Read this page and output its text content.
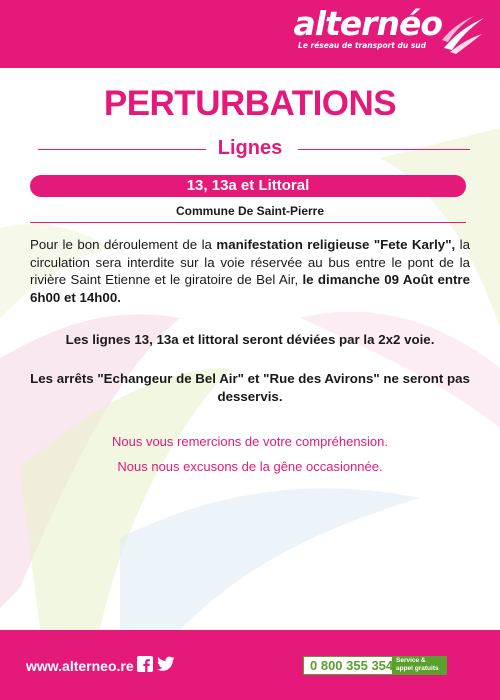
alternéo
Le réseau de transport du sud
PERTURBATIONS
Lignes
13, 13a et Littoral
Commune De Saint-Pierre
Pour le bon déroulement de la manifestation religieuse "Fete Karly", la circulation sera interdite sur la voie réservée au bus entre le pont de la rivière Saint Etienne et le giratoire de Bel Air, le dimanche 09 Août entre 6h00 et 14h00.
Les lignes 13, 13a et littoral seront déviées par la 2x2 voie.
Les arrêts "Echangeur de Bel Air" et "Rue des Avirons" ne seront pas desservis.
Nous vous remercions de votre compréhension.
Nous nous excusons de la gêne occasionnée.
www.alterneo.re	0 800 355 354 Service & appel gratuits
